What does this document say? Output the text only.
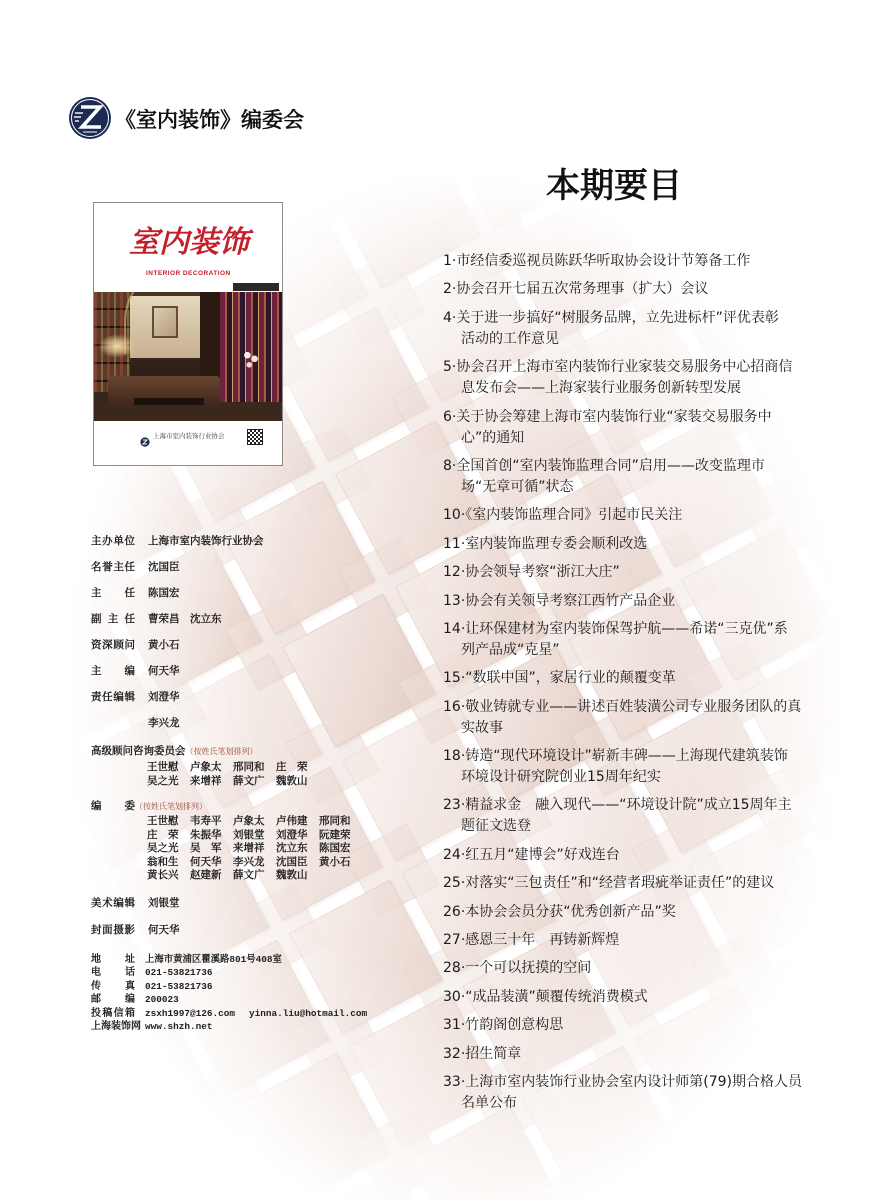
《室内装饰》编委会
本期要目
室内装饰
INTERIOR DECORATION
上海市室内装饰行业协会
1·市经信委巡视员陈跃华听取协会设计节筹备工作
2·协会召开七届五次常务理事（扩大）会议
4·关于进一步搞好“树服务品牌，立先进标杆”评优表彰
活动的工作意见
5·协会召开上海市室内装饰行业家装交易服务中心招商信
息发布会——上海家装行业服务创新转型发展
6·关于协会筹建上海市室内装饰行业“家装交易服务中
心”的通知
8·全国首创“室内装饰监理合同”启用——改变监理市
场“无章可循”状态
10·《室内装饰监理合同》引起市民关注
11·室内装饰监理专委会顺利改选
12·协会领导考察“浙江大庄”
13·协会有关领导考察江西竹产品企业
14·让环保建材为室内装饰保驾护航——希诺“三克优”系
列产品成“克星”
15·“数联中国”，家居行业的颠覆变革
16·敬业铸就专业——讲述百姓装潢公司专业服务团队的真
实故事
18·铸造“现代环境设计”崭新丰碑——上海现代建筑装饰
环境设计研究院创业15周年纪实
23·精益求金　融入现代——“环境设计院”成立15周年主
题征文选登
24·红五月“建博会”好戏连台
25·对落实“三包责任”和“经营者瑕疵举证责任”的建议
26·本协会会员分获“优秀创新产品”奖
27·感恩三十年　再铸新辉煌
28·一个可以抚摸的空间
30·“成品装潢”颠覆传统消费模式
31·竹韵阁创意构思
32·招生简章
33·上海市室内装饰行业协会室内设计师第(79)期合格人员
名单公布
主办单位 上海市室内装饰行业协会
名誉主任 沈国臣
主　任 陈国宏
副主任 曹荣昌　沈立东
资深顾问 黄小石
主　编 何天华
责任编辑 刘澄华
李兴龙
高级顾问咨询委员会（按姓氏笔划排列）
王世慰 卢象太 邢同和 庄　荣
吴之光 来增祥 薛文广 魏敦山
编　委（按姓氏笔划排列）
王世慰 韦寿平 卢象太 卢伟建 邢同和
庄　荣 朱振华 刘银堂 刘澄华 阮建荣
吴之光 吴　军 来增祥 沈立东 陈国宏
翁和生 何天华 李兴龙 沈国臣 黄小石
黄长兴 赵建新 薛文广 魏敦山
美术编辑 刘银堂
封面摄影 何天华
地　址 上海市黄浦区瞿溪路801号408室
电　话 021-53821736
传　真 021-53821736
邮　编 200023
投稿信箱 zsxh1997@126.com yinna.liu@hotmail.com
上海装饰网 www.shzh.net
